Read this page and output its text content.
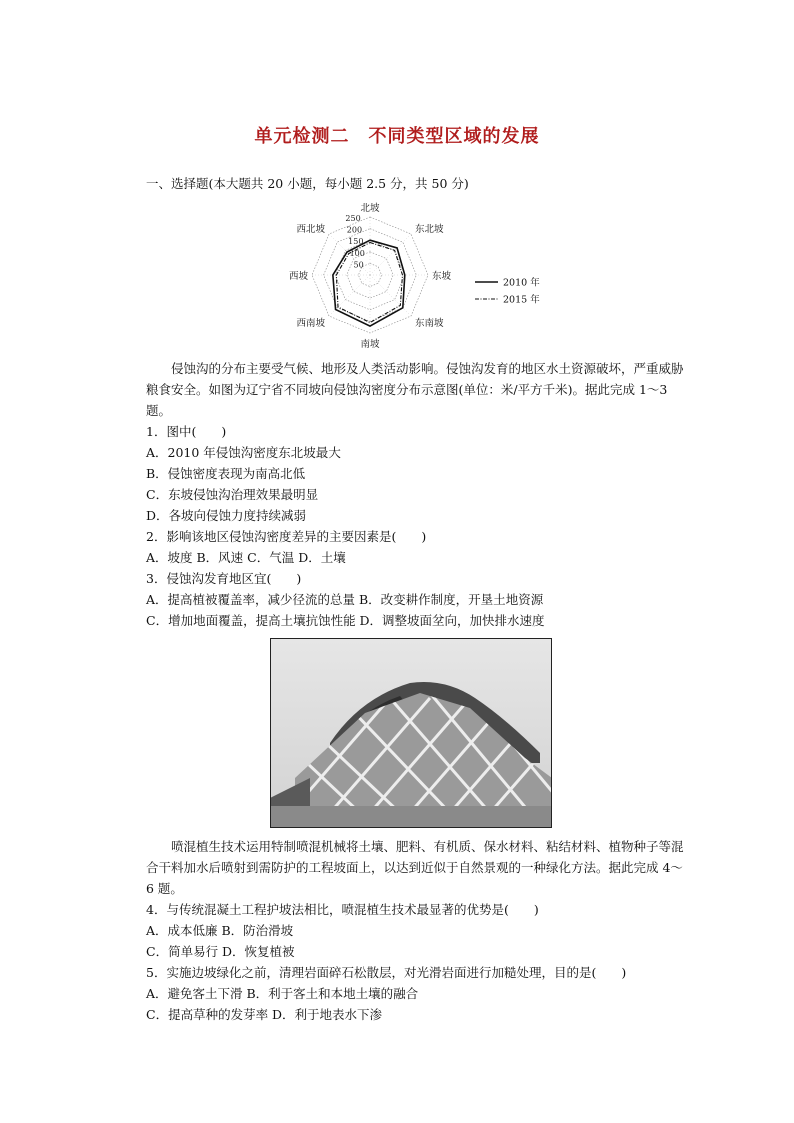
单元检测二　不同类型区域的发展
一、选择题(本大题共 20 小题，每小题 2.5 分，共 50 分)
50
100
150
200
250
北坡
东北坡
东坡
东南坡
南坡
西南坡
西坡
西北坡
2010 年
2015 年
侵蚀沟的分布主要受气候、地形及人类活动影响。侵蚀沟发育的地区水土资源破坏，严重威胁粮食安全。如图为辽宁省不同坡向侵蚀沟密度分布示意图(单位：米/平方千米)。据此完成 1～3 题。
1．图中(　　)
A．2010 年侵蚀沟密度东北坡最大
B．侵蚀密度表现为南高北低
C．东坡侵蚀沟治理效果最明显
D．各坡向侵蚀力度持续减弱
2．影响该地区侵蚀沟密度差异的主要因素是(　　)
A．坡度 B．风速 C．气温 D．土壤
3．侵蚀沟发育地区宜(　　)
A．提高植被覆盖率，减少径流的总量 B．改变耕作制度，开垦土地资源
C．增加地面覆盖，提高土壤抗蚀性能 D．调整坡面坌向，加快排水速度
喷混植生技术运用特制喷混机械将土壤、肥料、有机质、保水材料、粘结材料、植物种子等混合干料加水后喷射到需防护的工程坡面上，以达到近似于自然景观的一种绿化方法。据此完成 4～6 题。
4．与传统混凝土工程护坡法相比，喷混植生技术最显著的优势是(　　)
A．成本低廉 B．防治滑坡
C．简单易行 D．恢复植被
5．实施边坡绿化之前，清理岩面碎石松散层，对光滑岩面进行加糙处理，目的是(　　)
A．避免客土下滑 B．利于客土和本地土壤的融合
C．提高草种的发芽率 D．利于地表水下渗
